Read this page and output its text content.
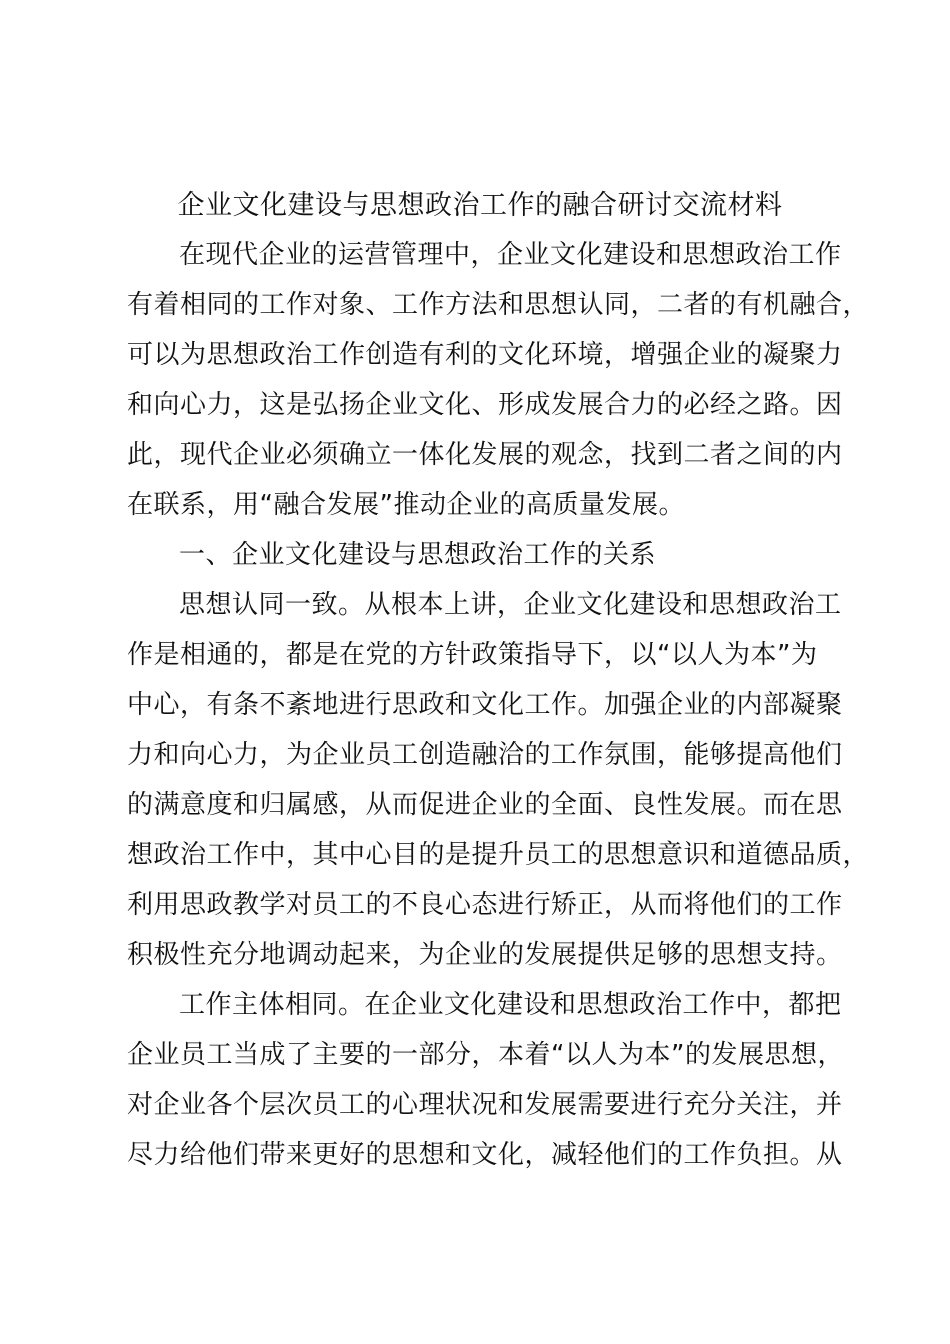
企业文化建设与思想政治工作的融合研讨交流材料
在现代企业的运营管理中，企业文化建设和思想政治工作
有着相同的工作对象、工作方法和思想认同，二者的有机融合，
可以为思想政治工作创造有利的文化环境，增强企业的凝聚力
和向心力，这是弘扬企业文化、形成发展合力的必经之路。因
此，现代企业必须确立一体化发展的观念，找到二者之间的内
在联系，用“融合发展”推动企业的高质量发展。
一、企业文化建设与思想政治工作的关系
思想认同一致。从根本上讲，企业文化建设和思想政治工
作是相通的，都是在党的方针政策指导下，以“以人为本”为
中心，有条不紊地进行思政和文化工作。加强企业的内部凝聚
力和向心力，为企业员工创造融洽的工作氛围，能够提高他们
的满意度和归属感，从而促进企业的全面、良性发展。而在思
想政治工作中，其中心目的是提升员工的思想意识和道德品质，
利用思政教学对员工的不良心态进行矫正，从而将他们的工作
积极性充分地调动起来，为企业的发展提供足够的思想支持。
工作主体相同。在企业文化建设和思想政治工作中，都把
企业员工当成了主要的一部分，本着“以人为本”的发展思想，
对企业各个层次员工的心理状况和发展需要进行充分关注，并
尽力给他们带来更好的思想和文化，减轻他们的工作负担。从
